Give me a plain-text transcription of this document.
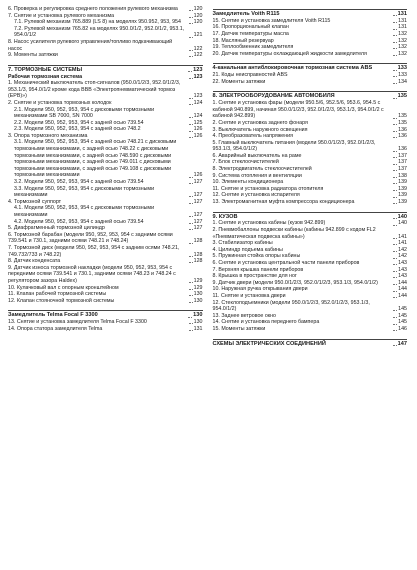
6. Проверка и регулировка среднего положения рулевого механизма	120
7. Снятие и установка рулевого механизма	120
7.1. Рулевой механизм 765.889 (LS 8) на моделях 950.952, 953, 954	120
7.2. Рулевой механизм 765.82 на моделях 950.0/1/2, 952.0/1/2, 953.1, 954.0/1/2	121
8. Насос усилителя рулевого управления/топливо подкачивающий насос	122
9. Моменты затяжки	122
7. ТОРМОЗНЫЕ СИСТЕМЫ	123
Рабочая тормозная система	123
1. Механический выключатель стоп-сигналов (950.0/1/2/3, 952.0/1/2/3, 953.1/3, 954.0/1/2 кроме кода ВВВ «Электропневматический тормоз (EPB)»)	123
2. Снятие и установка тормозных колодок	124
2.1. Модели 950, 952, 953, 954 с дисковыми тормозными механизмами SB 7000, SN 7000	124
2.2. Модели 950, 952, 953, 954 с задней осью 739.54	125
2.3. Модели 950, 952, 953, 954 с задней осью 748.2	126
3. Опора тормозного механизма	126
3.1. Модели 950, 952, 953, 954 с задней осью 748.21 с дисковыми тормозными механизмами, с задней осью 748.22 с дисковыми тормозными механизмами, с задней осью 748.590 с дисковыми тормозными механизмами, с задней осью 749.011 с дисковыми тормозными механизмами, с задней осью 749.108 с дисковыми тормозными механизмами	126
3.2. Модели 950, 952, 953, 954 с задней осью 739.54	127
3.3. Модели 950, 952, 953, 954 с дисковыми тормозными механизмами	127
4. Тормозной суппорт	127
4.1. Модели 950, 952, 953, 954 с дисковыми тормозными механизмами	127
4.2. Модели 950, 952, 953, 954 с задней осью 739.54	127
5. Диафрагменный тормозной цилиндр	127
6. Тормозной барабан (модели 950, 952, 953, 954 с задними осями 739.541 и 730.1, задними осями 748.21 и 748.24)	128
7. Тормозной диск (модели 950, 952, 953, 954 с задним осями 748.21, 749.732/733 и 748.22)	128
8. Датчик конденсата	128
9. Датчик износа тормозной накладки (модели 950, 952, 953, 954 с передними осями 739.541 и 730.1, задними осями 748.23 и 748.24 с регулятором зазора Haldex)	129
10. Кулачковый вал с опорным кронштейном	129
11. Клапан рабочей тормозной системы	130
12. Клапан стояночной тормозной системы	130
Замедлитель Telma Focal F 3300	130
13. Снятие и установка замедлителя Telma Focal F 3300	130
14. Опора статора замедлителя Telma	131
Замедлитель Voith R115	131
15. Снятие и установка замедлителя Voith R115	131
16. Пропорциональный клапан	131
17. Датчик температуры масла	132
18. Масляный резервуар	132
19. Теплообменник замедлителя	132
20. Датчик температуры охлаждающей жидкости замедлителя	132
4-канальная антиблокировочная тормозная система ABS	133
21. Коды неисправностей ABS	133
22. Моменты затяжки	134
8. ЭЛЕКТРООБОРУДОВАНИЕ АВТОМОБИЛЯ	135
1. Снятие и установка фары (модели 950.5/6, 952.5/6, 953.6, 954.5 с кабиной 940.899, начиная 950.0/1/2/3, 952.0/1/2/3, 953.1/3, 954.0/1/2 с кабиной 942.899)	135
2. Снятие и установка заднего фонаря	135
3. Выключатель наружного освещения	136
4. Преобразователь напряжения	136
5. Главный выключатель питания (модели 950.0/1/2/3, 952.0/1/2/3, 953.1/3, 954.0/1/2)	136
6. Аварийный выключатель на раме	137
7. Блок стеклоочистителей	137
8. Электродвигатель стеклоочистителей	137
9. Система отопления и вентиляции	138
10. Элементы кондиционера	139
11. Снятие и установка радиатора отопителя	139
12. Снятие и установка испарителя	139
13. Электромагнитная муфта компрессора кондиционера	139
9. КУЗОВ	140
1. Снятие и установка кабины (кузов 942.899)	140
2. Пневмобаллоны подвески кабины (кабины 942.899 с кодом FL2 «Пневматическая подвеска кабины»)	141
3. Стабилизатор кабины	141
4. Цилиндр подъема кабины	142
5. Пружинная стойка опоры кабины	142
6. Снятие и установка центральной части панели приборов	143
7. Верхняя крышка панели приборов	143
8. Крышка в пространстве для ног	143
9. Датчик двери (модели 950.0/1/2/3, 952.0/1/2/3, 953.1/3, 954.0/1/2)	144
10. Наружная ручка открывания двери	144
11. Снятие и установка двери	144
12. Стеклоподъемники (модели 950.0/1/2/3, 952.0/1/2/3, 953.1/3, 954.0/1/2)	145
13. Заднее ветровое окно	145
14. Снятие и установка переднего бампера	145
15. Моменты затяжки	146
СХЕМЫ ЭЛЕКТРИЧЕСКИХ СОЕДИНЕНИЙ	147
